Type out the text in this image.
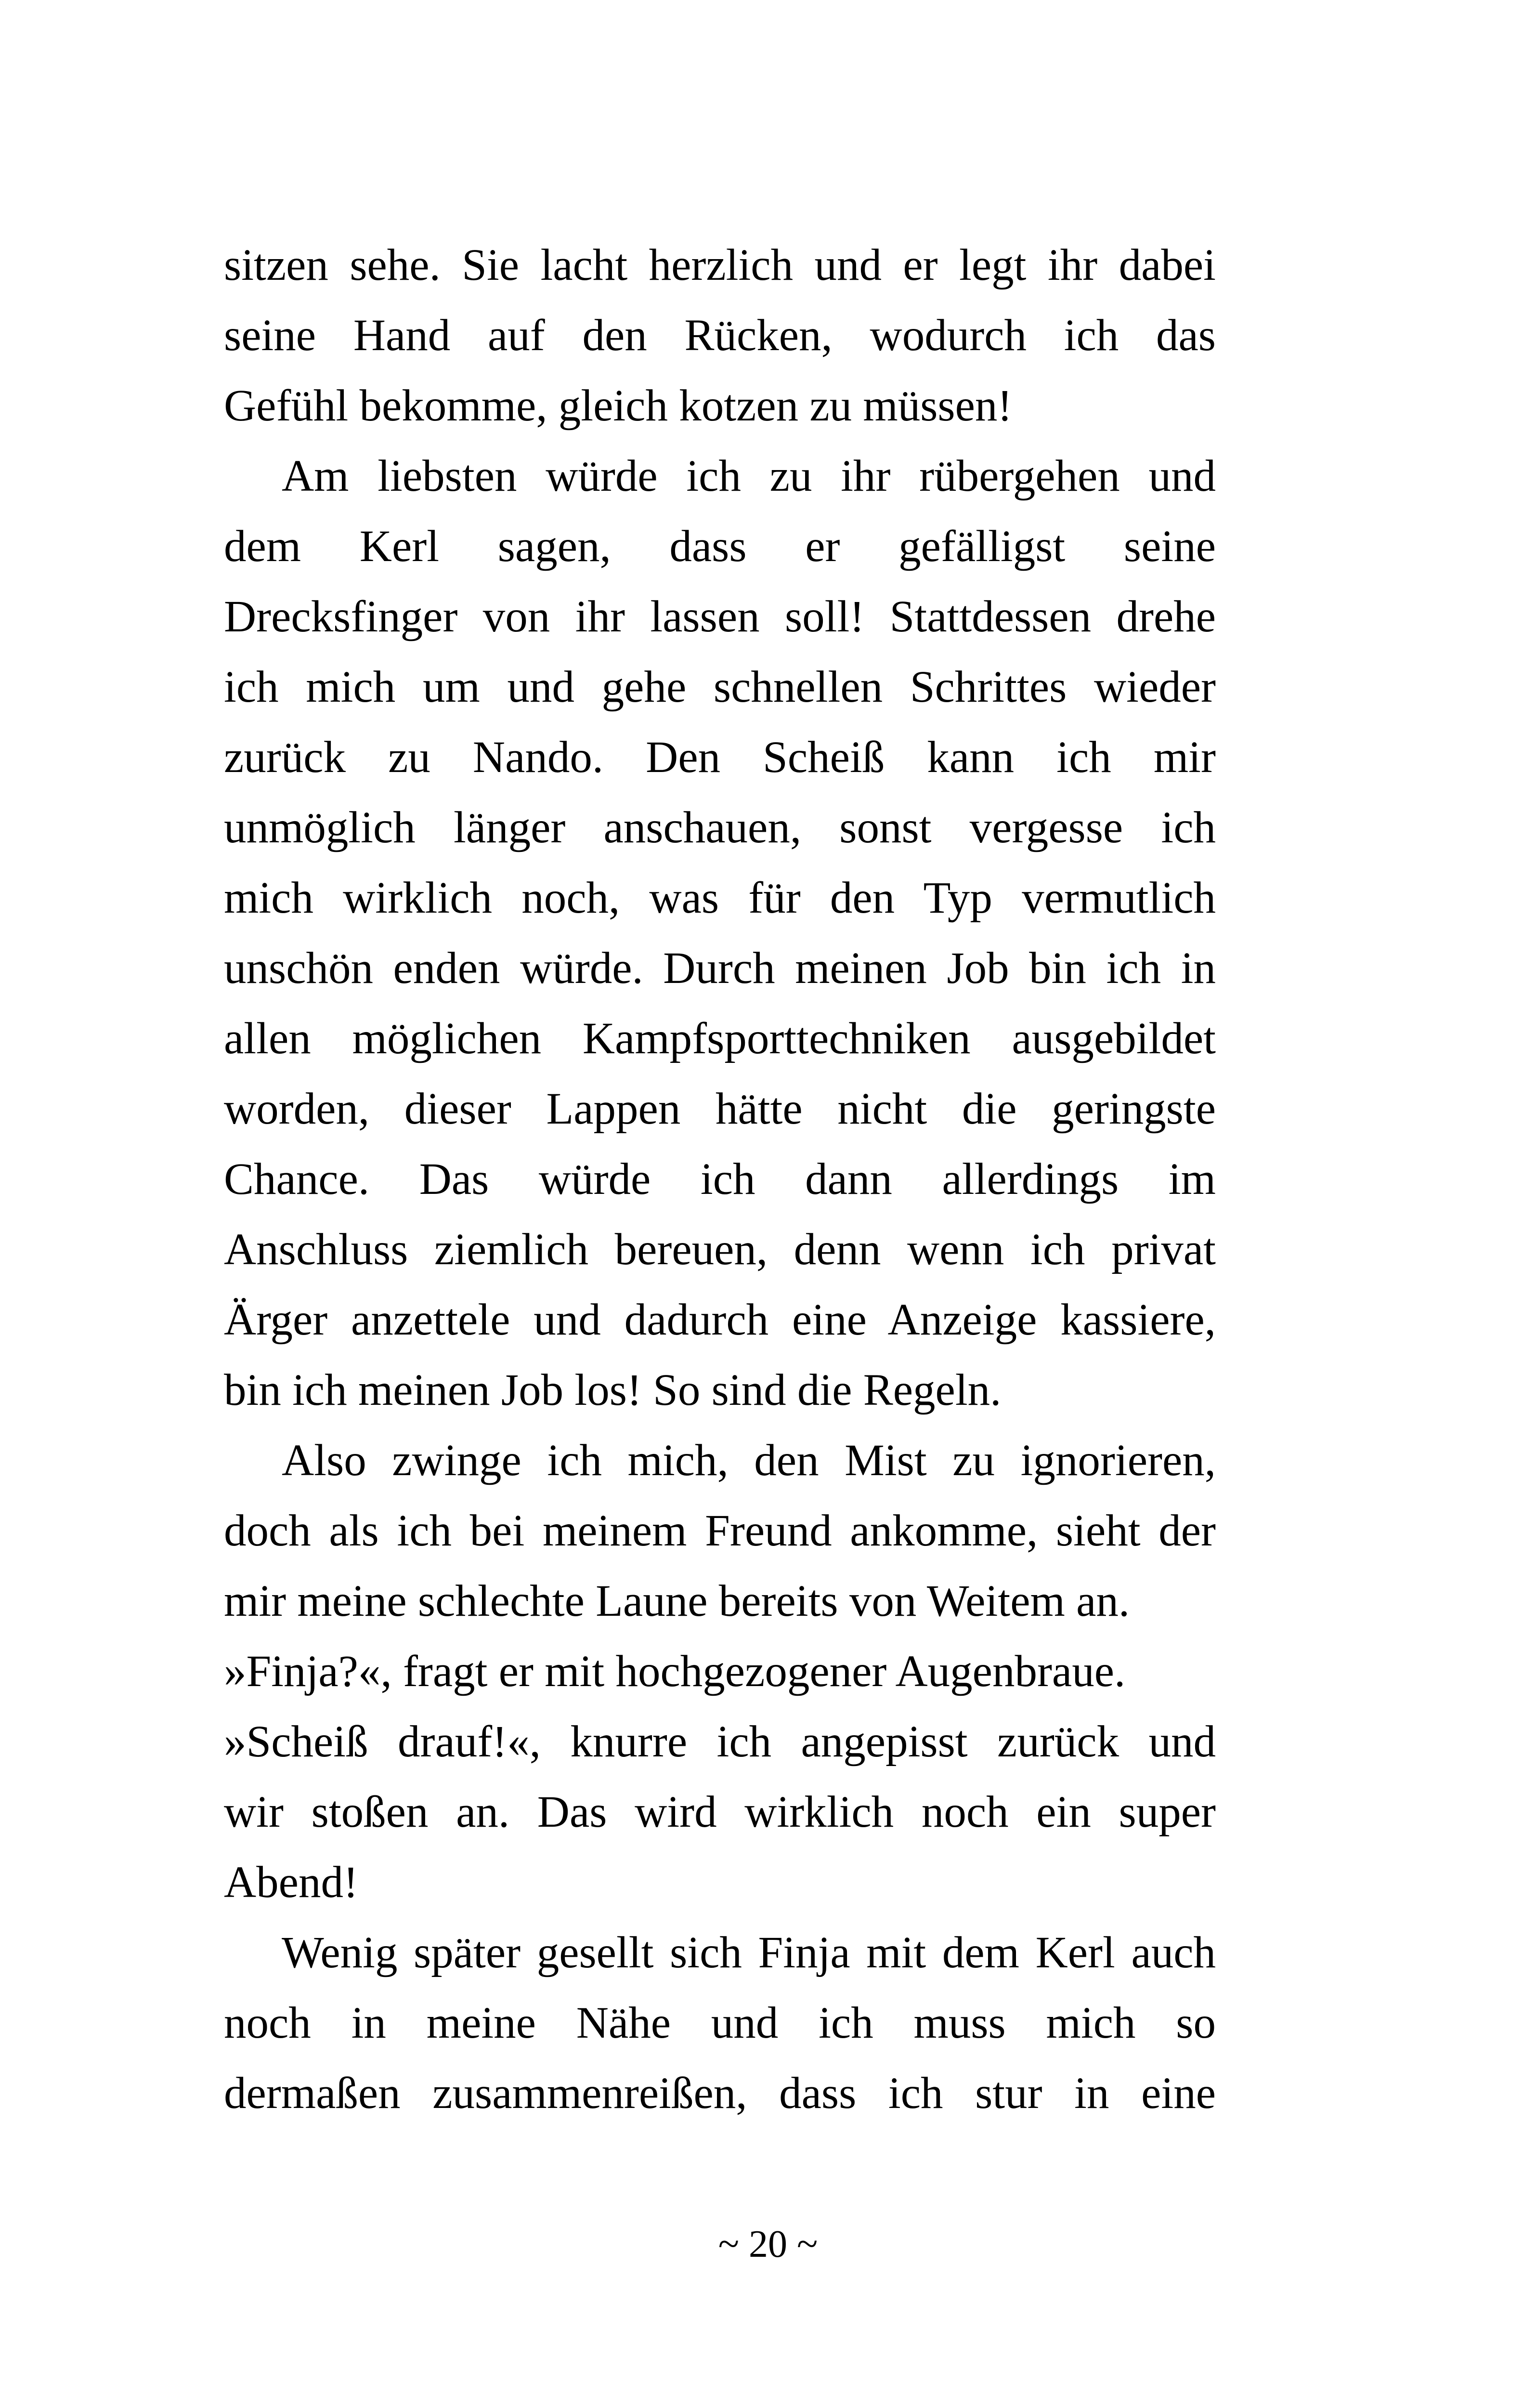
sitzen sehe. Sie lacht herzlich und er legt ihr dabei
seine Hand auf den Rücken, wodurch ich das
Gefühl bekomme, gleich kotzen zu müssen!
Am liebsten würde ich zu ihr rübergehen und
dem Kerl sagen, dass er gefälligst seine
Drecksfinger von ihr lassen soll! Stattdessen drehe
ich mich um und gehe schnellen Schrittes wieder
zurück zu Nando. Den Scheiß kann ich mir
unmöglich länger anschauen, sonst vergesse ich
mich wirklich noch, was für den Typ vermutlich
unschön enden würde. Durch meinen Job bin ich in
allen möglichen Kampfsporttechniken ausgebildet
worden, dieser Lappen hätte nicht die geringste
Chance. Das würde ich dann allerdings im
Anschluss ziemlich bereuen, denn wenn ich privat
Ärger anzettele und dadurch eine Anzeige kassiere,
bin ich meinen Job los! So sind die Regeln.
Also zwinge ich mich, den Mist zu ignorieren,
doch als ich bei meinem Freund ankomme, sieht der
mir meine schlechte Laune bereits von Weitem an.
»Finja?«, fragt er mit hochgezogener Augenbraue.
»Scheiß drauf!«, knurre ich angepisst zurück und
wir stoßen an. Das wird wirklich noch ein super
Abend!
Wenig später gesellt sich Finja mit dem Kerl auch
noch in meine Nähe und ich muss mich so
dermaßen zusammenreißen, dass ich stur in eine
~ 20 ~
